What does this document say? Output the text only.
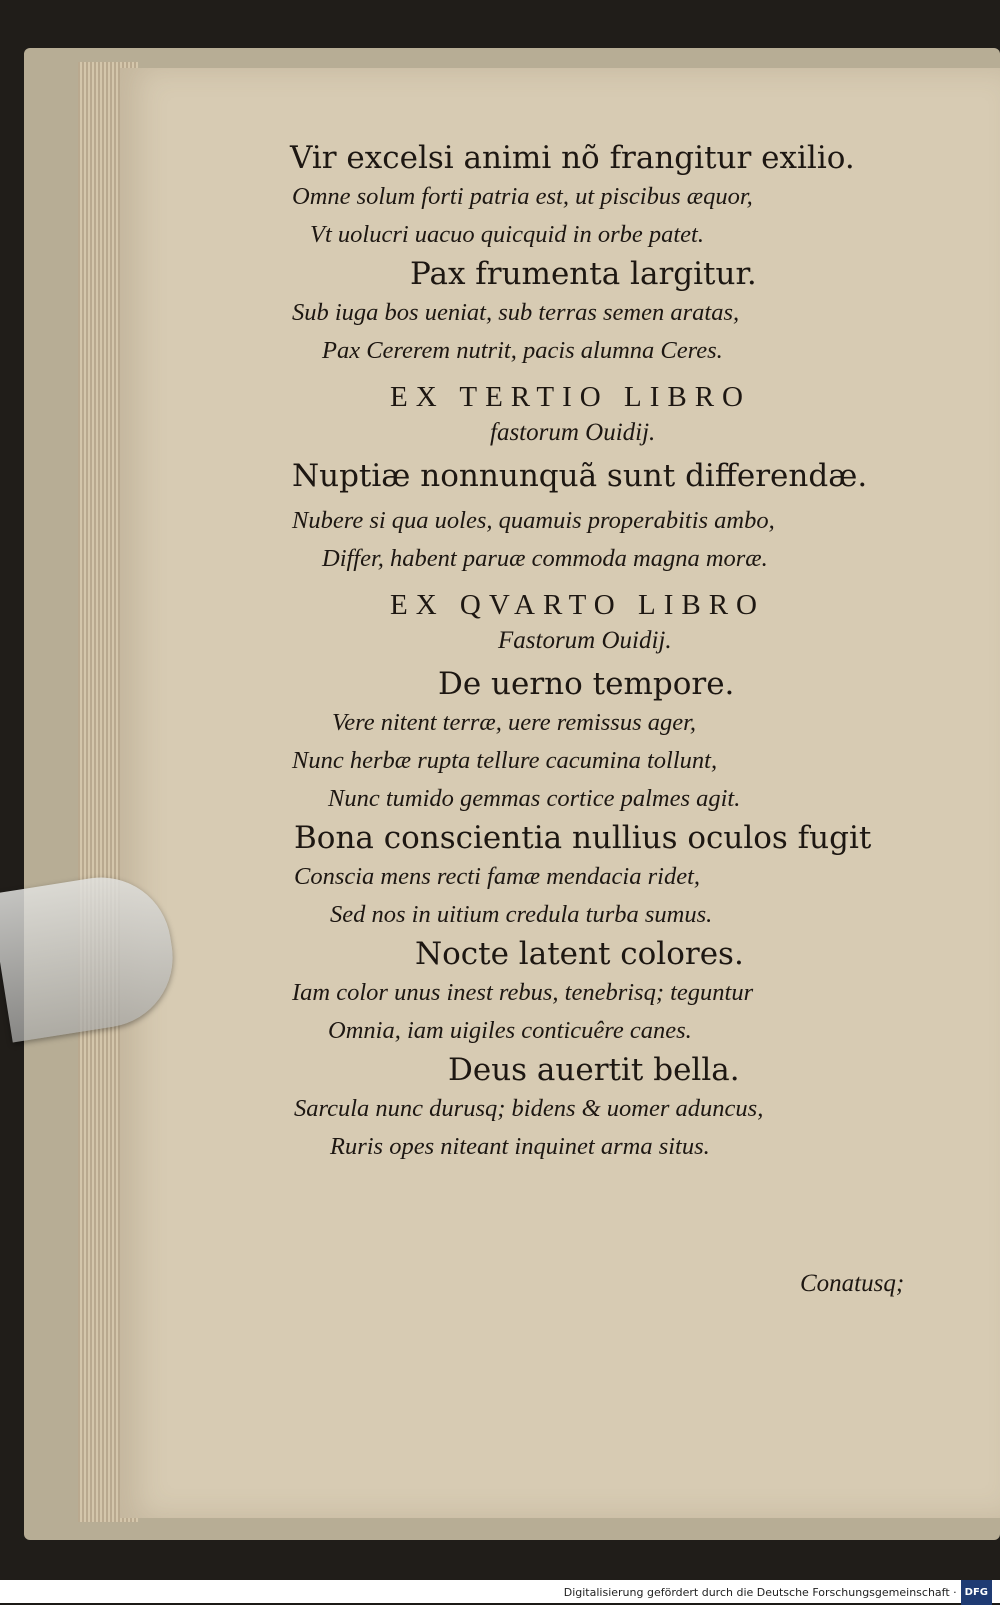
Vir excelsi animi nõ frangitur exilio.
Omne solum forti patria est, ut piscibus æquor,
Vt uolucri uacuo quicquid in orbe patet.
Pax frumenta largitur.
Sub iuga bos ueniat, sub terras semen aratas,
Pax Cererem nutrit, pacis alumna Ceres.
EX TERTIO LIBRO
fastorum Ouidij.
Nuptiæ nonnunquã sunt differendæ.
Nubere si qua uoles, quamuis properabitis ambo,
Differ, habent paruæ commoda magna moræ.
EX QVARTO LIBRO
Fastorum Ouidij.
De uerno tempore.
Vere nitent terræ, uere remissus ager,
Nunc herbæ rupta tellure cacumina tollunt,
Nunc tumido gemmas cortice palmes agit.
Bona conscientia nullius oculos fugit
Conscia mens recti famæ mendacia ridet,
Sed nos in uitium credula turba sumus.
Nocte latent colores.
Iam color unus inest rebus, tenebrisq; teguntur
Omnia, iam uigiles conticuêre canes.
Deus auertit bella.
Sarcula nunc durusq; bidens & uomer aduncus,
Ruris opes niteant inquinet arma situs.
Conatusq;
Digitalisierung gefördert durch die Deutsche Forschungsgemeinschaft · DFG
